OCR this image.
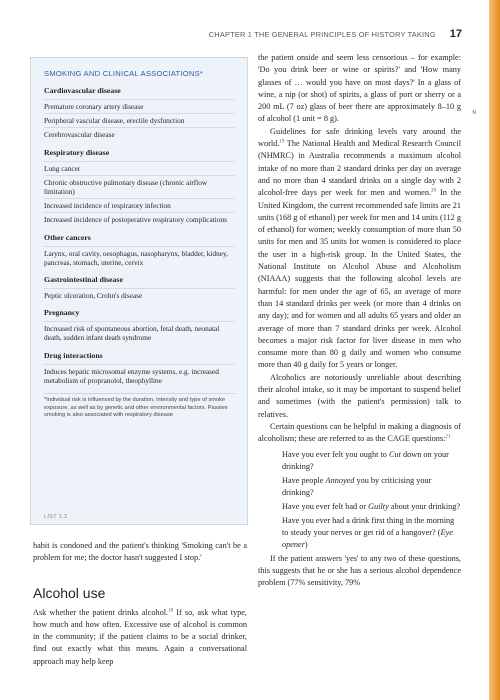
CHAPTER 1 THE GENERAL PRINCIPLES OF HISTORY TAKING 17
SMOKING AND CLINICAL ASSOCIATIONS*
Cardiovascular disease
Premature coronary artery disease
Peripheral vascular disease, erectile dysfunction
Cerebrovascular disease
Respiratory disease
Lung cancer
Chronic obstructive pulmonary disease (chronic airflow limitation)
Increased incidence of respiratory infection
Increased incidence of postoperative respiratory complications
Other cancers
Larynx, oral cavity, oesophagus, nasopharynx, bladder, kidney, pancreas, stomach, uterine, cervix
Gastrointestinal disease
Peptic ulceration, Crohn's disease
Pregnancy
Increased risk of spontaneous abortion, fetal death, neonatal death, sudden infant death syndrome
Drug interactions
Induces hepatic microsomal enzyme systems, e.g. increased metabolism of propranolol, theophylline
*Individual risk is influenced by the duration, intensity and type of smoke exposure, as well as by genetic and other environmental factors. Passive smoking is also associated with respiratory disease
LIST 1.2

habit is condoned and the patient's thinking 'Smoking can't be a problem for me; the doctor hasn't suggested I stop.'

Alcohol use

Ask whether the patient drinks alcohol.$^{18}$ If so, ask what type, how much and how often. Excessive use of alcohol is common in the community; if the patient claims to be a social drinker, find out exactly what this means. Again a conversational approach may help keep

the patient onside and seem less censorious – for example: 'Do you drink beer or wine or spirits?' and 'How many glasses of … would you have on most days?' In a glass of wine, a nip (or shot) of spirits, a glass of port or sherry or a 200 mL (7 oz) glass of beer there are approximately 8–10 g of alcohol (1 unit = 8 g).

Guidelines for safe drinking levels vary around the world.$^{19}$ The National Health and Medical Research Council (NHMRC) in Australia recommends a maximum alcohol intake of no more than 2 standard drinks per day on average and no more than 4 standard drinks on a single day with 2 alcohol-free days per week for men and women.$^{20}$ In the United Kingdom, the current recommended safe limits are 21 units (168 g of ethanol) per week for men and 14 units (112 g of ethanol) for women; weekly consumption of more than 50 units for men and 35 units for women is considered to place the user in a high-risk group. In the United States, the National Institute on Alcohol Abuse and Alcoholism (NIAAA) suggests that the following alcohol levels are harmful: for men under the age of 65, an average of more than 14 standard drinks per week (or more than 4 drinks on any day); and for women and all adults 65 years and older an average of more than 7 standard drinks per week. Alcohol becomes a major risk factor for liver disease in men who consume more than 80 g daily and women who consume more than 40 g daily for 5 years or longer.

Alcoholics are notoriously unreliable about describing their alcohol intake, so it may be important to suspend belief and sometimes (with the patient's permission) talk to relatives.

Certain questions can be helpful in making a diagnosis of alcoholism; these are referred to as the CAGE questions:$^{21}$

Have you ever felt you ought to Cut down on your drinking?

Have people Annoyed you by criticising your drinking?

Have you ever felt bad or Guilty about your drinking?

Have you ever had a drink first thing in the morning to steady your nerves or get rid of a hangover? (Eye opener)

If the patient answers 'yes' to any two of these questions, this suggests that he or she has a serious alcohol dependence problem (77% sensitivity, 79%

N
